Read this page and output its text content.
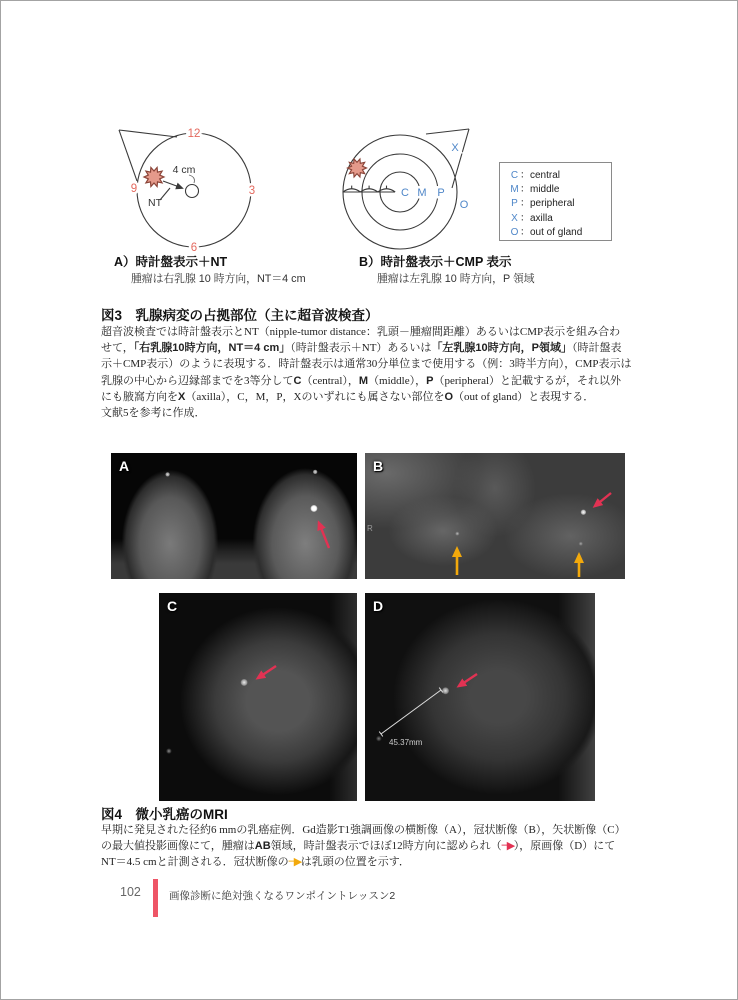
12
3
6
9
4 cm
NT
C M P
X
O
C ：central
M：middle
P ：peripheral
X ：axilla
O ：out of gland
A）時計盤表示＋NT
腫瘤は右乳腺 10 時方向，NT＝4 cm
B）時計盤表示＋CMP 表示
腫瘤は左乳腺 10 時方向，P 領域
図3　乳腺病変の占拠部位（主に超音波検査）
超音波検査では時計盤表示とNT（nipple-tumor distance：乳頭－腫瘤間距離）あるいはCMP表示を組み合わ
せて，「右乳腺10時方向，NT＝4 cm」（時計盤表示＋NT）あるいは「左乳腺10時方向，P領域」（時計盤表
示＋CMP表示）のように表現する．時計盤表示は通常30分単位まで使用する（例：3時半方向），CMP表示は
乳腺の中心から辺縁部までを3等分してC（central），M（middle），P（peripheral）と記載するが，それ以外
にも腋窩方向をX（axilla），C，M，P，Xのいずれにも属さない部位をO（out of gland）と表現する．
文献5を参考に作成．
A
R
B
C
45.37mm
D
図4　微小乳癌のMRI
早期に発見された径約6 mmの乳癌症例．Gd造影T1強調画像の横断像（A），冠状断像（B），矢状断像（C）
の最大値投影画像にて，腫瘤はAB領域，時計盤表示でほぼ12時方向に認められ（─▶），原画像（D）にて
NT＝4.5 cmと計測される．冠状断像の─▶は乳頭の位置を示す．
102	画像診断に絶対強くなるワンポイントレッスン2
